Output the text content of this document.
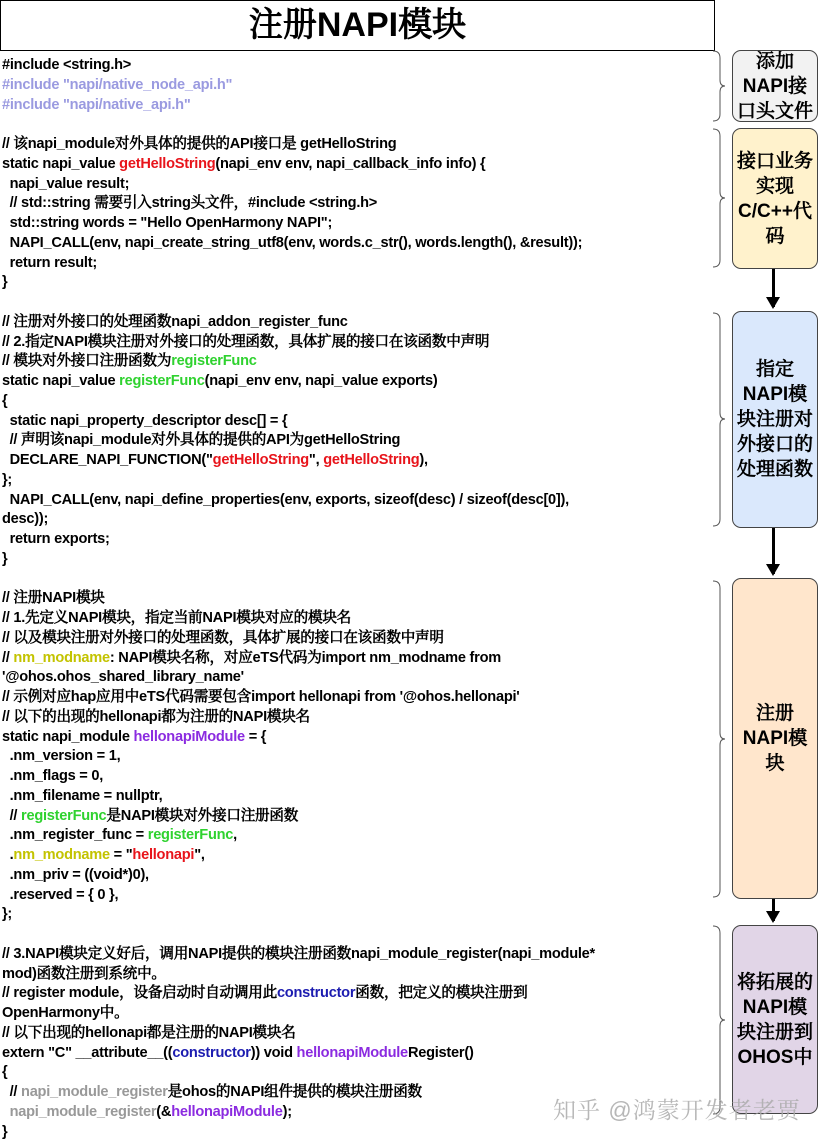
注册NAPI模块
#include <string.h>
#include "napi/native_node_api.h"
#include "napi/native_api.h"
// 该napi_module对外具体的提供的API接口是 getHelloString
static napi_value getHelloString(napi_env env, napi_callback_info info) {
napi_value result;
// std::string 需要引入string头文件，#include <string.h>
std::string words = "Hello OpenHarmony NAPI";
NAPI_CALL(env, napi_create_string_utf8(env, words.c_str(), words.length(), &result));
return result;
}
// 注册对外接口的处理函数napi_addon_register_func
// 2.指定NAPI模块注册对外接口的处理函数，具体扩展的接口在该函数中声明
// 模块对外接口注册函数为registerFunc
static napi_value registerFunc(napi_env env, napi_value exports)
{
static napi_property_descriptor desc[] = {
// 声明该napi_module对外具体的提供的API为getHelloString
DECLARE_NAPI_FUNCTION("getHelloString", getHelloString),
};
NAPI_CALL(env, napi_define_properties(env, exports, sizeof(desc) / sizeof(desc[0]),
desc));
return exports;
}
// 注册NAPI模块
// 1.先定义NAPI模块，指定当前NAPI模块对应的模块名
// 以及模块注册对外接口的处理函数，具体扩展的接口在该函数中声明
// nm_modname: NAPI模块名称，对应eTS代码为import nm_modname from
'@ohos.ohos_shared_library_name'
// 示例对应hap应用中eTS代码需要包含import hellonapi from '@ohos.hellonapi'
// 以下的出现的hellonapi都为注册的NAPI模块名
static napi_module hellonapiModule = {
.nm_version = 1,
.nm_flags = 0,
.nm_filename = nullptr,
// registerFunc是NAPI模块对外接口注册函数
.nm_register_func = registerFunc,
.nm_modname = "hellonapi",
.nm_priv = ((void*)0),
.reserved = { 0 },
};
// 3.NAPI模块定义好后，调用NAPI提供的模块注册函数napi_module_register(napi_module*
mod)函数注册到系统中。
// register module，设备启动时自动调用此constructor函数，把定义的模块注册到
OpenHarmony中。
// 以下出现的hellonapi都是注册的NAPI模块名
extern "C" __attribute__((constructor)) void hellonapiModuleRegister()
{
// napi_module_register是ohos的NAPI组件提供的模块注册函数
napi_module_register(&hellonapiModule);
}
添加
NAPI接
口头文件
接口业务
实现
C/C++代
码
指定
NAPI模
块注册对
外接口的
处理函数
注册
NAPI模
块
将拓展的
NAPI模
块注册到
OHOS中
知乎 @鸿蒙开发者老贾
